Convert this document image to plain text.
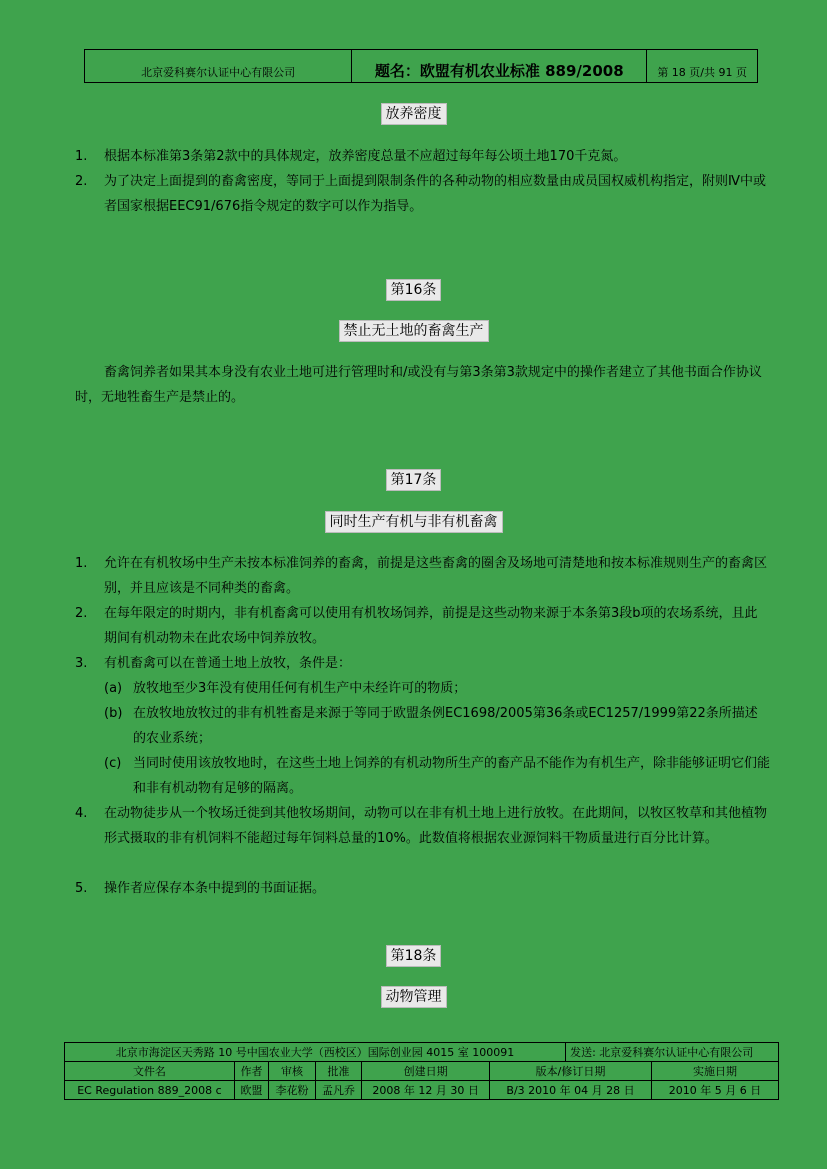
北京爱科赛尔认证中心有限公司	题名：欧盟有机农业标准 889/2008	第 18 页/共 91 页
放养密度
1. 根据本标准第3条第2款中的具体规定，放养密度总量不应超过每年每公顷土地170千克氮。
2. 为了决定上面提到的畜禽密度，等同于上面提到限制条件的各种动物的相应数量由成员国权威机构指定，附则Ⅳ中或者国家根据EEC91/676指令规定的数字可以作为指导。
第16条
禁止无土地的畜禽生产
畜禽饲养者如果其本身没有农业土地可进行管理时和/或没有与第3条第3款规定中的操作者建立了其他书面合作协议时，无地牲畜生产是禁止的。
第17条
同时生产有机与非有机畜禽
1. 允许在有机牧场中生产未按本标准饲养的畜禽，前提是这些畜禽的圈舍及场地可清楚地和按本标准规则生产的畜禽区别，并且应该是不同种类的畜禽。
2. 在每年限定的时期内，非有机畜禽可以使用有机牧场饲养，前提是这些动物来源于本条第3段b项的农场系统，且此期间有机动物未在此农场中饲养放牧。
3. 有机畜禽可以在普通土地上放牧，条件是：
(a) 放牧地至少3年没有使用任何有机生产中未经许可的物质；
(b) 在放牧地放牧过的非有机牲畜是来源于等同于欧盟条例EC1698/2005第36条或EC1257/1999第22条所描述的农业系统；
(c) 当同时使用该放牧地时，在这些土地上饲养的有机动物所生产的畜产品不能作为有机生产，除非能够证明它们能和非有机动物有足够的隔离。
4. 在动物徒步从一个牧场迁徙到其他牧场期间，动物可以在非有机土地上进行放牧。在此期间，以牧区牧草和其他植物形式摄取的非有机饲料不能超过每年饲料总量的10%。此数值将根据农业源饲料干物质量进行百分比计算。
5. 操作者应保存本条中提到的书面证据。
第18条
动物管理
北京市海淀区天秀路 10 号中国农业大学（西校区）国际创业园 4015 室 100091						发送: 北京爱科赛尔认证中心有限公司	
文件名	作者	审核	批准	创建日期	版本/修订日期		实施日期
EC Regulation 889_2008 c	欧盟	李花粉	孟凡乔	2008 年 12 月 30 日	B/3 2010 年 04 月 28 日		2010 年 5 月 6 日
